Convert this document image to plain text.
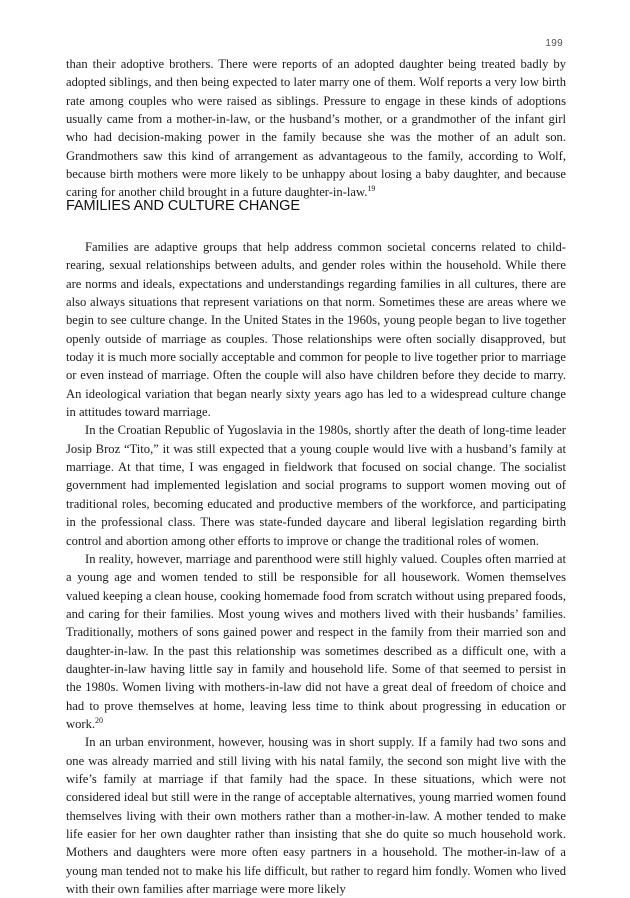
199

than their adoptive brothers. There were reports of an adopted daughter being treated badly by adopted siblings, and then being expected to later marry one of them. Wolf reports a very low birth rate among couples who were raised as siblings. Pressure to engage in these kinds of adoptions usually came from a mother-in-law, or the husband’s mother, or a grandmother of the infant girl who had decision-making power in the family because she was the mother of an adult son. Grandmothers saw this kind of arrangement as advantageous to the family, according to Wolf, because birth mothers were more likely to be unhappy about losing a baby daughter, and because caring for another child brought in a future daughter-in-law.$^{19}$

FAMILIES AND CULTURE CHANGE

Families are adaptive groups that help address common societal concerns related to child-rearing, sexual relationships between adults, and gender roles within the household. While there are norms and ideals, expectations and understandings regarding families in all cultures, there are also always situations that represent variations on that norm. Sometimes these are areas where we begin to see culture change. In the United States in the 1960s, young people began to live together openly outside of marriage as couples. Those relationships were often socially disapproved, but today it is much more socially acceptable and common for people to live together prior to marriage or even instead of marriage. Often the couple will also have children before they decide to marry. An ideological variation that began nearly sixty years ago has led to a widespread culture change in attitudes toward marriage.

In the Croatian Republic of Yugoslavia in the 1980s, shortly after the death of long-time leader Josip Broz “Tito,” it was still expected that a young couple would live with a husband’s family at marriage. At that time, I was engaged in fieldwork that focused on social change. The socialist government had implemented legislation and social programs to support women moving out of traditional roles, becoming educated and productive members of the workforce, and participating in the professional class. There was state-funded daycare and liberal legislation regarding birth control and abortion among other efforts to improve or change the traditional roles of women.

In reality, however, marriage and parenthood were still highly valued. Couples often married at a young age and women tended to still be responsible for all housework. Women themselves valued keeping a clean house, cooking homemade food from scratch without using prepared foods, and caring for their families. Most young wives and mothers lived with their husbands’ families. Traditionally, mothers of sons gained power and respect in the family from their married son and daughter-in-law. In the past this relationship was sometimes described as a difficult one, with a daughter-in-law having little say in family and household life. Some of that seemed to persist in the 1980s. Women living with mothers-in-law did not have a great deal of freedom of choice and had to prove themselves at home, leaving less time to think about progressing in education or work.$^{20}$

In an urban environment, however, housing was in short supply. If a family had two sons and one was already married and still living with his natal family, the second son might live with the wife’s family at marriage if that family had the space. In these situations, which were not considered ideal but still were in the range of acceptable alternatives, young married women found themselves living with their own mothers rather than a mother-in-law. A mother tended to make life easier for her own daughter rather than insisting that she do quite so much household work. Mothers and daughters were more often easy partners in a household. The mother-in-law of a young man tended not to make his life difficult, but rather to regard him fondly. Women who lived with their own families after marriage were more likely
